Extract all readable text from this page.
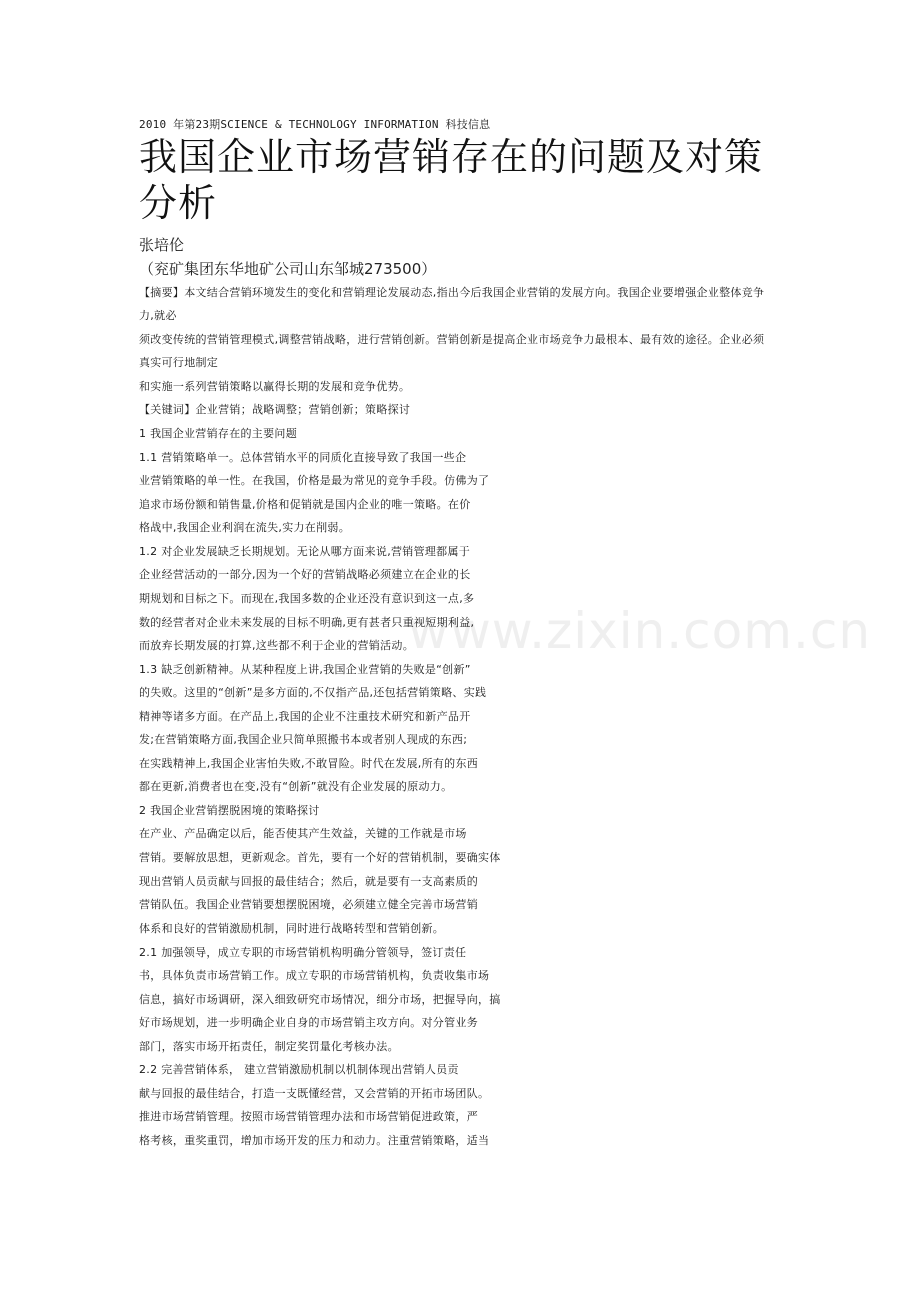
www.zixin.com.cn
2010 年第23期SCIENCE & TECHNOLOGY INFORMATION 科技信息
我国企业市场营销存在的问题及对策分析
张培伦
（兖矿集团东华地矿公司山东邹城273500）
【摘要】本文结合营销环境发生的变化和营销理论发展动态,指出今后我国企业营销的发展方向。我国企业要增强企业整体竞争
力,就必
须改变传统的营销管理模式,调整营销战略，进行营销创新。营销创新是提高企业市场竞争力最根本、最有效的途径。企业必须
真实可行地制定
和实施一系列营销策略以赢得长期的发展和竞争优势。
【关键词】企业营销；战略调整；营销创新；策略探讨
1 我国企业营销存在的主要问题
1.1 营销策略单一。总体营销水平的同质化直接导致了我国一些企
业营销策略的单一性。在我国，价格是最为常见的竞争手段。仿佛为了
追求市场份额和销售量,价格和促销就是国内企业的唯一策略。在价
格战中,我国企业利润在流失,实力在削弱。
1.2 对企业发展缺乏长期规划。无论从哪方面来说,营销管理都属于
企业经营活动的一部分,因为一个好的营销战略必须建立在企业的长
期规划和目标之下。而现在,我国多数的企业还没有意识到这一点,多
数的经营者对企业未来发展的目标不明确,更有甚者只重视短期利益,
而放弃长期发展的打算,这些都不利于企业的营销活动。
1.3 缺乏创新精神。从某种程度上讲,我国企业营销的失败是“创新”
的失败。这里的“创新”是多方面的,不仅指产品,还包括营销策略、实践
精神等诸多方面。在产品上,我国的企业不注重技术研究和新产品开
发;在营销策略方面,我国企业只简单照搬书本或者别人现成的东西;
在实践精神上,我国企业害怕失败,不敢冒险。时代在发展,所有的东西
都在更新,消费者也在变,没有“创新”就没有企业发展的原动力。
2 我国企业营销摆脱困境的策略探讨
在产业、产品确定以后，能否使其产生效益，关键的工作就是市场
营销。要解放思想，更新观念。首先，要有一个好的营销机制，要确实体
现出营销人员贡献与回报的最佳结合；然后，就是要有一支高素质的
营销队伍。我国企业营销要想摆脱困境，必须建立健全完善市场营销
体系和良好的营销激励机制，同时进行战略转型和营销创新。
2.1 加强领导，成立专职的市场营销机构明确分管领导，签订责任
书，具体负责市场营销工作。成立专职的市场营销机构，负责收集市场
信息，搞好市场调研，深入细致研究市场情况，细分市场，把握导向，搞
好市场规划，进一步明确企业自身的市场营销主攻方向。对分管业务
部门，落实市场开拓责任，制定奖罚量化考核办法。
2.2 完善营销体系， 建立营销激励机制以机制体现出营销人员贡
献与回报的最佳结合，打造一支既懂经营，又会营销的开拓市场团队。
推进市场营销管理。按照市场营销管理办法和市场营销促进政策，严
格考核，重奖重罚，增加市场开发的压力和动力。注重营销策略，适当
